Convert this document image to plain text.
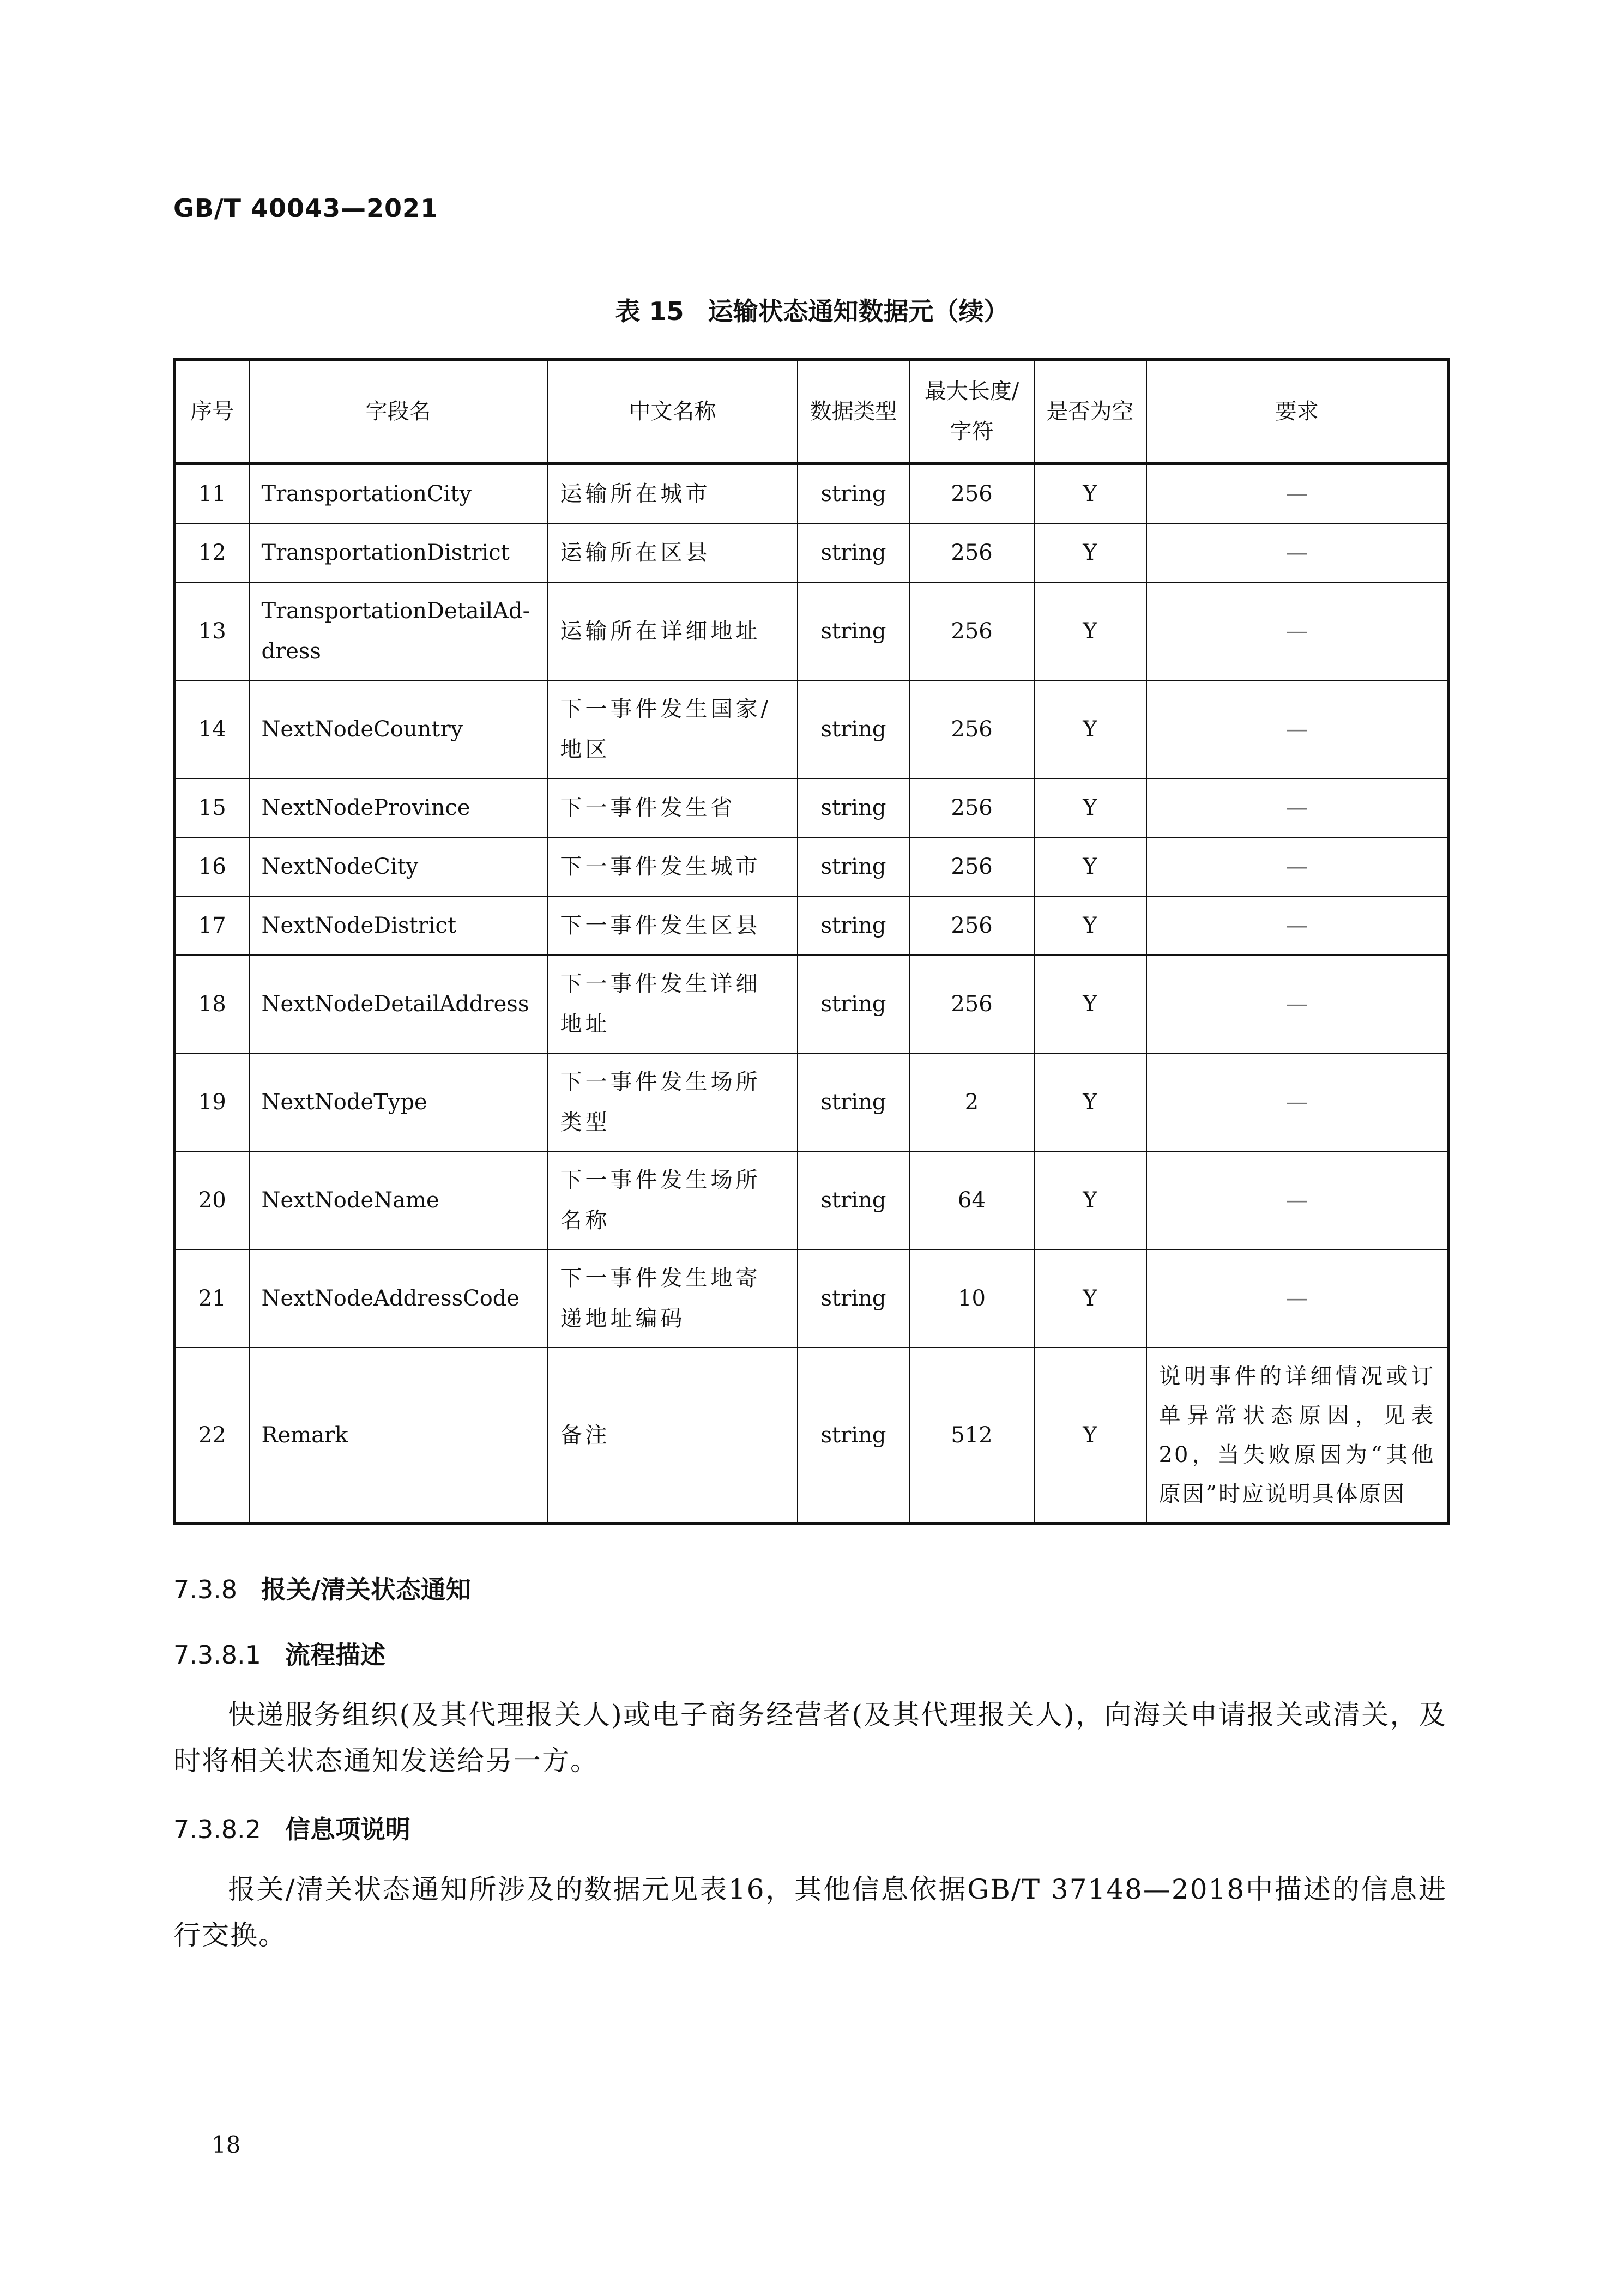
GB/T 40043—2021
表 15 运输状态通知数据元（续）
序号	字段名	中文名称	数据类型	最大长度/字符	是否为空	要求
11	TransportationCity	运输所在城市	string	256	Y	—
12	TransportationDistrict	运输所在区县	string	256	Y	—
13	TransportationDetailAd-dress	运输所在详细地址	string	256	Y	—
14	NextNodeCountry	下一事件发生国家/地区	string	256	Y	—
15	NextNodeProvince	下一事件发生省	string	256	Y	—
16	NextNodeCity	下一事件发生城市	string	256	Y	—
17	NextNodeDistrict	下一事件发生区县	string	256	Y	—
18	NextNodeDetailAddress	下一事件发生详细地址	string	256	Y	—
19	NextNodeType	下一事件发生场所类型	string	2	Y	—
20	NextNodeName	下一事件发生场所名称	string	64	Y	—
21	NextNodeAddressCode	下一事件发生地寄递地址编码	string	10	Y	—
22	Remark	备注	string	512	Y	说明事件的详细情况或订单异常状态原因，见表20，当失败原因为“其他原因”时应说明具体原因
7.3.8 报关/清关状态通知
7.3.8.1 流程描述
快递服务组织(及其代理报关人)或电子商务经营者(及其代理报关人)，向海关申请报关或清关，及时将相关状态通知发送给另一方。
7.3.8.2 信息项说明
报关/清关状态通知所涉及的数据元见表16，其他信息依据GB/T 37148—2018中描述的信息进行交换。
18
